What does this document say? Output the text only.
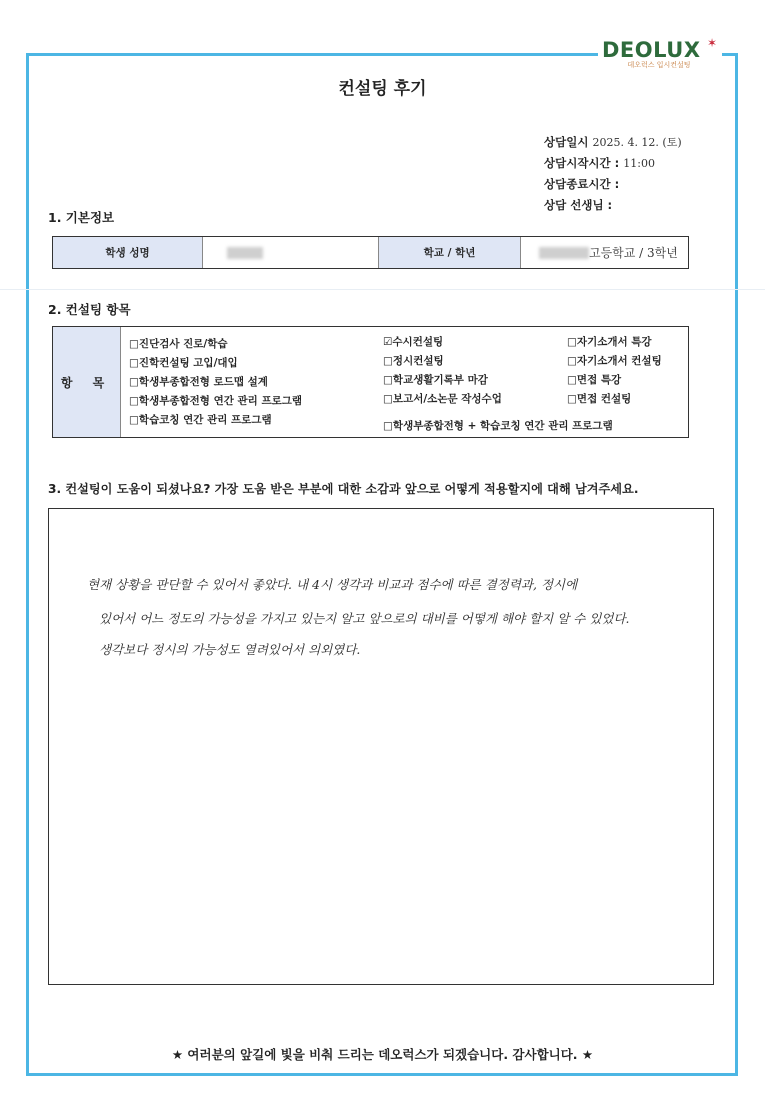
DEOLUX ✶
데오럭스 입시컨설팅
컨설팅 후기
상담일시 2025. 4. 12. (토)
상담시작시간 : 11:00
상담종료시간 :
상담 선생님 :
1. 기본정보
학생 성명	학교 / 학년	고등학교 / 3학년
2. 컨설팅 항목
항 목
□진단검사 진로/학습
□진학컨설팅 고입/대입
□학생부종합전형 로드맵 설계
□학생부종합전형 연간 관리 프로그램
□학습코칭 연간 관리 프로그램
☑수시컨설팅
□정시컨설팅
□학교생활기록부 마감
□보고서/소논문 작성수업
□학생부종합전형 + 학습코칭 연간 관리 프로그램
□자기소개서 특강
□자기소개서 컨설팅
□면접 특강
□면접 컨설팅
3. 컨설팅이 도움이 되셨나요? 가장 도움 받은 부분에 대한 소감과 앞으로 어떻게 적용할지에 대해 남겨주세요.
현재 상황을 판단할 수 있어서 좋았다. 내 4시 생각과 비교과 점수에 따른 결정력과, 정시에
있어서 어느 정도의 가능성을 가지고 있는지 알고 앞으로의 대비를 어떻게 해야 할지 알 수 있었다.
생각보다 정시의 가능성도 열려있어서 의외였다.
★ 여러분의 앞길에 빛을 비춰 드리는 데오럭스가 되겠습니다. 감사합니다. ★
